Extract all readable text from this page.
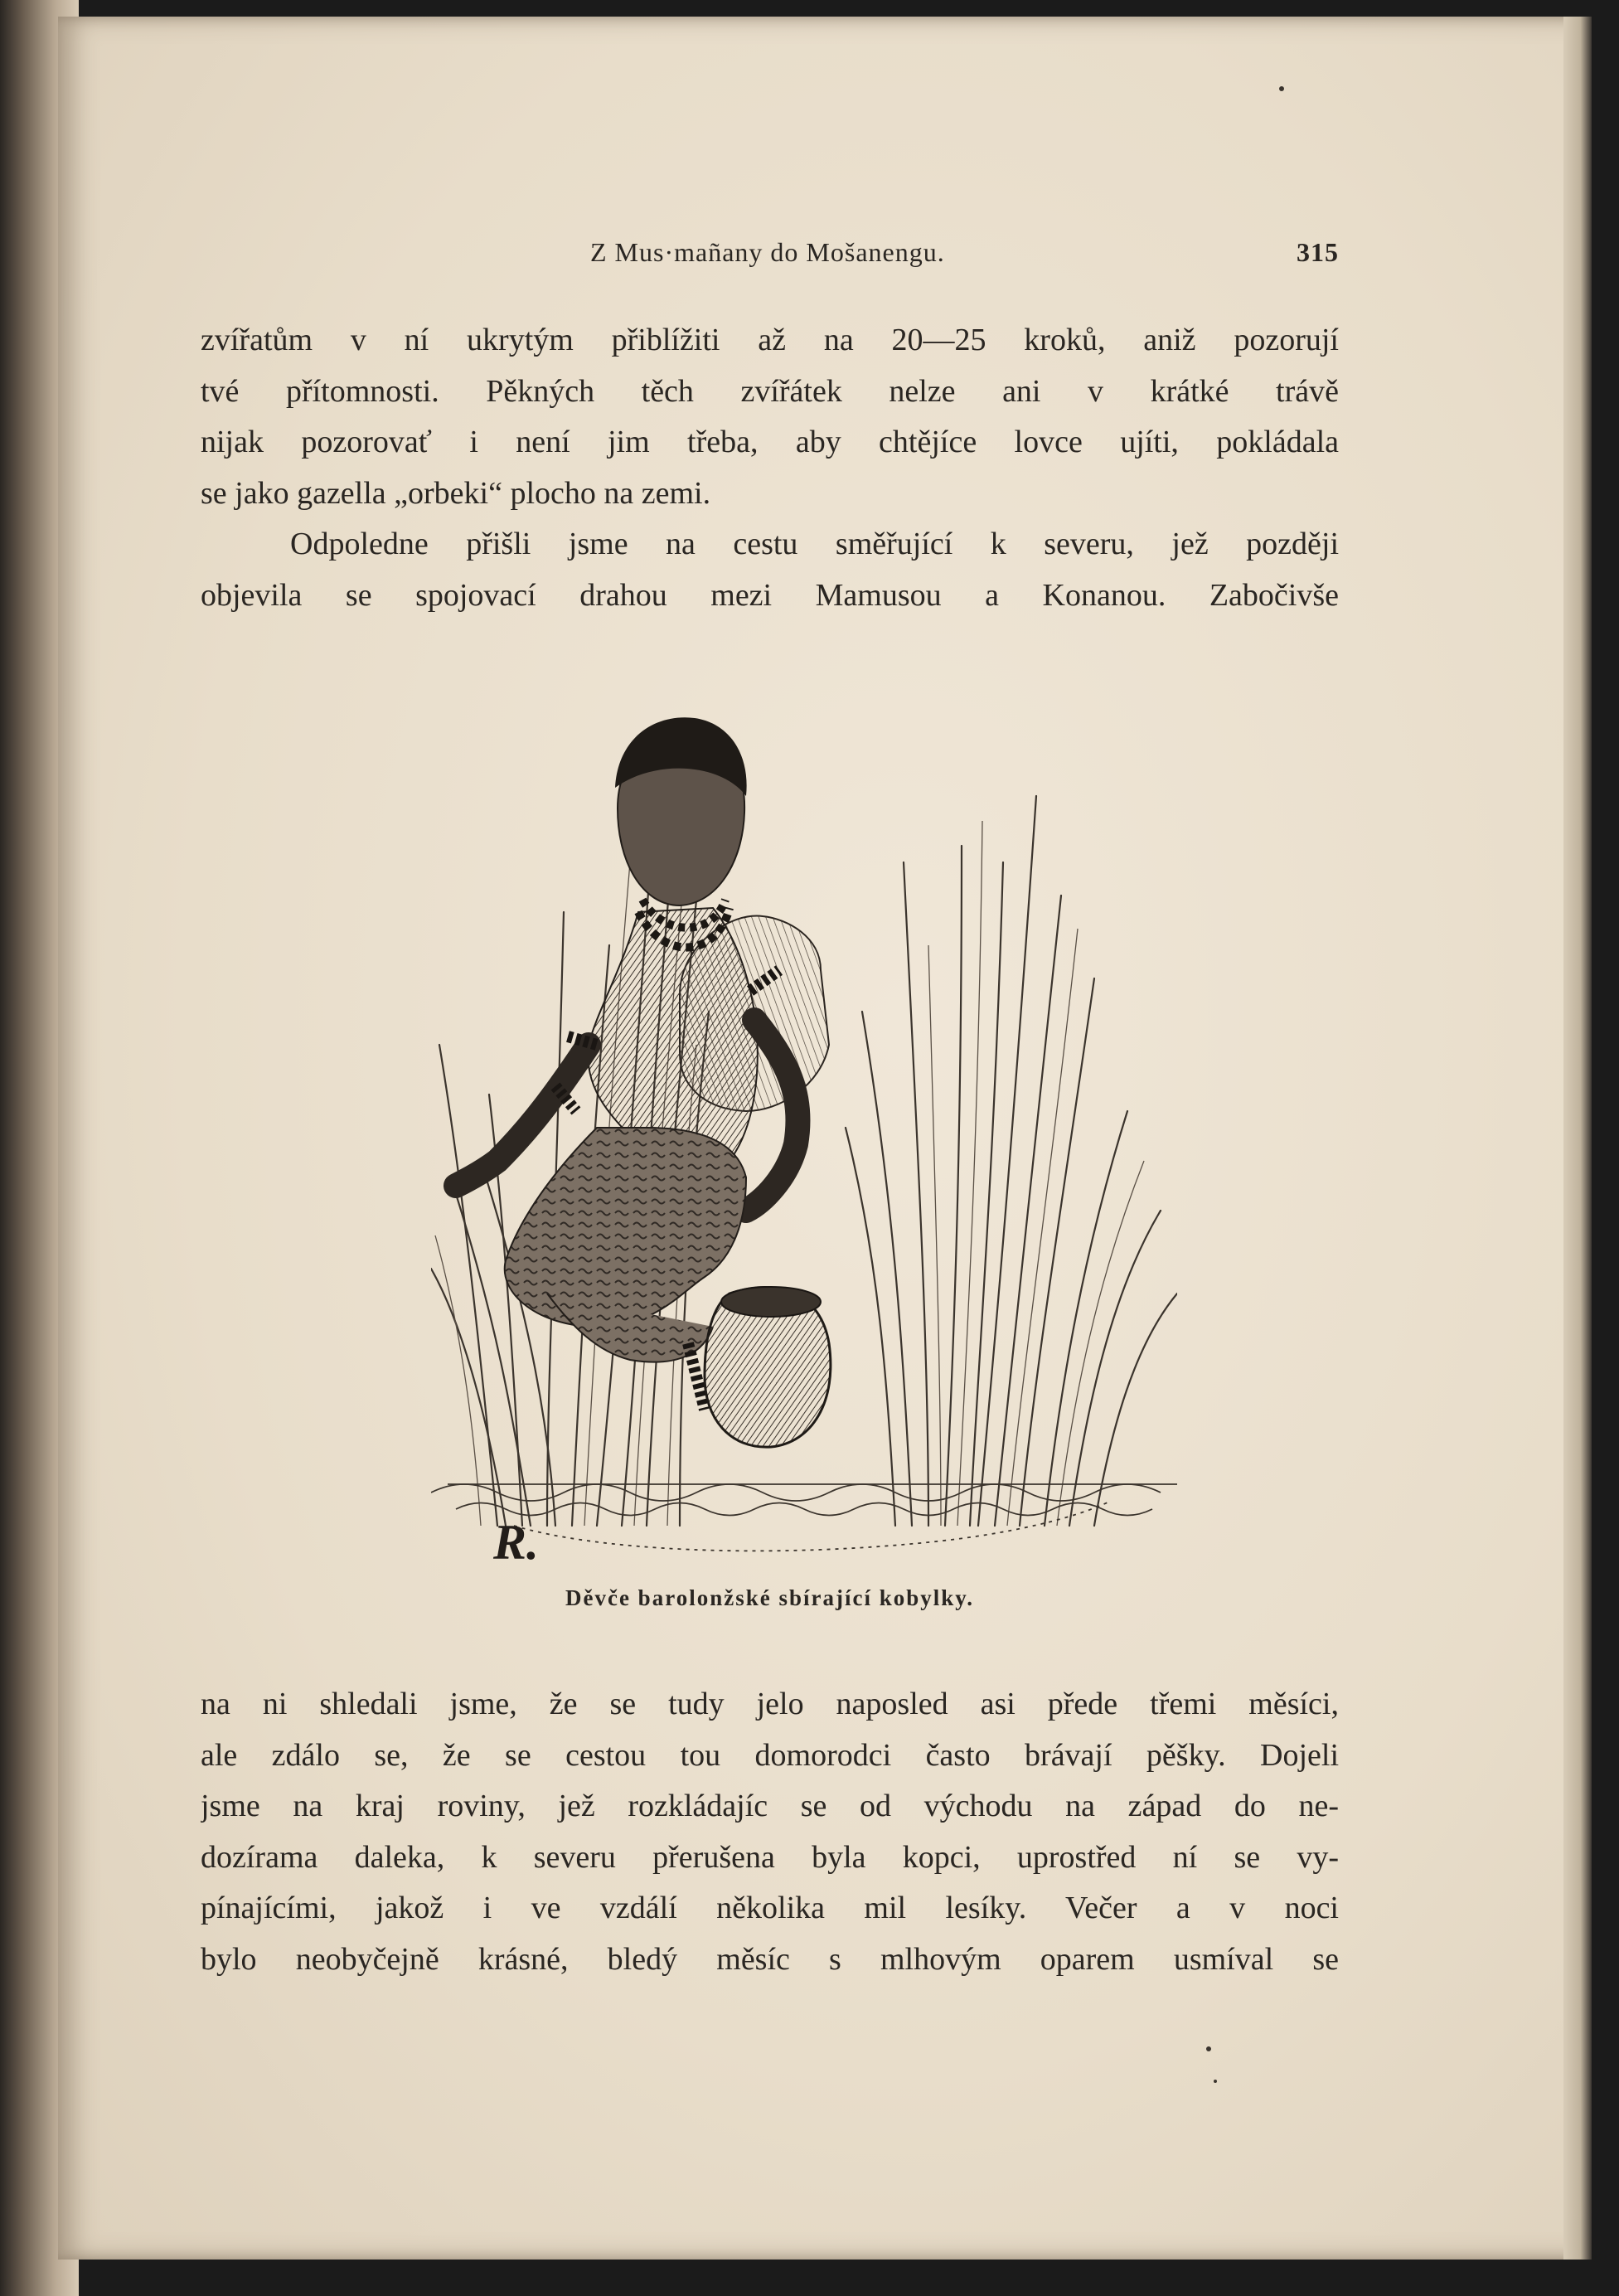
Z Mus·mañany do Mošanengu.	315
zvířatům v ní ukrytým přiblížiti až na 20—25 kroků, aniž pozorují
tvé přítomnosti. Pěkných těch zvířátek nelze ani v krátké trávě
nijak pozorovať i není jim třeba, aby chtějíce lovce ujíti, pokládala
se jako gazella „orbeki“ plocho na zemi.
Odpoledne přišli jsme na cestu směřující k severu, jež později
objevila se spojovací drahou mezi Mamusou a Konanou. Zabočivše
R.
Děvče barolonžské sbírající kobylky.
na ni shledali jsme, že se tudy jelo naposled asi přede třemi měsíci,
ale zdálo se, že se cestou tou domorodci často brávají pěšky. Dojeli
jsme na kraj roviny, jež rozkládajíc se od východu na západ do ne-
dozírama daleka, k severu přerušena byla kopci, uprostřed ní se vy-
pínajícími, jakož i ve vzdálí několika mil lesíky. Večer a v noci
bylo neobyčejně krásné, bledý měsíc s mlhovým oparem usmíval se
